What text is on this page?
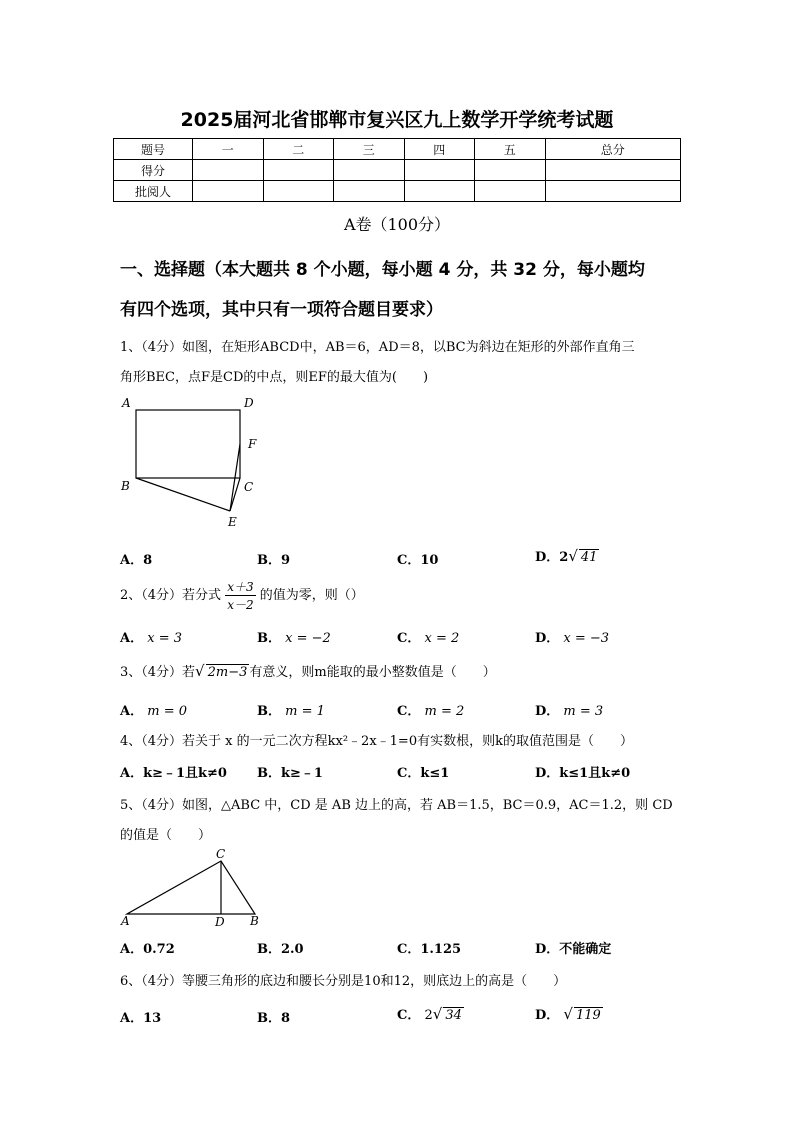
2025届河北省邯郸市复兴区九上数学开学统考试题
题号	一	二	三	四	五	总分
得分						
批阅人						
A卷（100分）
一、选择题（本大题共 8 个小题，每小题 4 分，共 32 分，每小题均
有四个选项，其中只有一项符合题目要求）
1、（4分）如图，在矩形ABCD中，AB＝6，AD＝8，以BC为斜边在矩形的外部作直角三
角形BEC，点F是CD的中点，则EF的最大值为(　　)
A	D
F
B	C
E
A．8	B．9	C．10	D．2√ 41
2、（4分）若分式 $\frac{x+3}{x-2}$ 的值为零，则（）
A． x = 3	B． x = −2	C． x = 2	D． x = −3
3、（4分）若√ 2m−3 有意义，则m能取的最小整数值是（　　）
A． m = 0	B． m = 1	C． m = 2	D． m = 3
4、（4分）若关于 x 的一元二次方程kx²﹣2x﹣1=0有实数根，则k的取值范围是（　　）
A．k≥﹣1且k≠0 B．k≥﹣1	C．k≤1	D．k≤1且k≠0
5、（4分）如图，△ABC 中，CD 是 AB 边上的高，若 AB＝1.5，BC＝0.9，AC＝1.2，则 CD
的值是（　　）
C
A	D B
A．0.72	B．2.0	C．1.125	D．不能确定
6、（4分）等腰三角形的底边和腰长分别是10和12，则底边上的高是（　　）
A．13	B．8	C． 2√ 34	D． √ 119
